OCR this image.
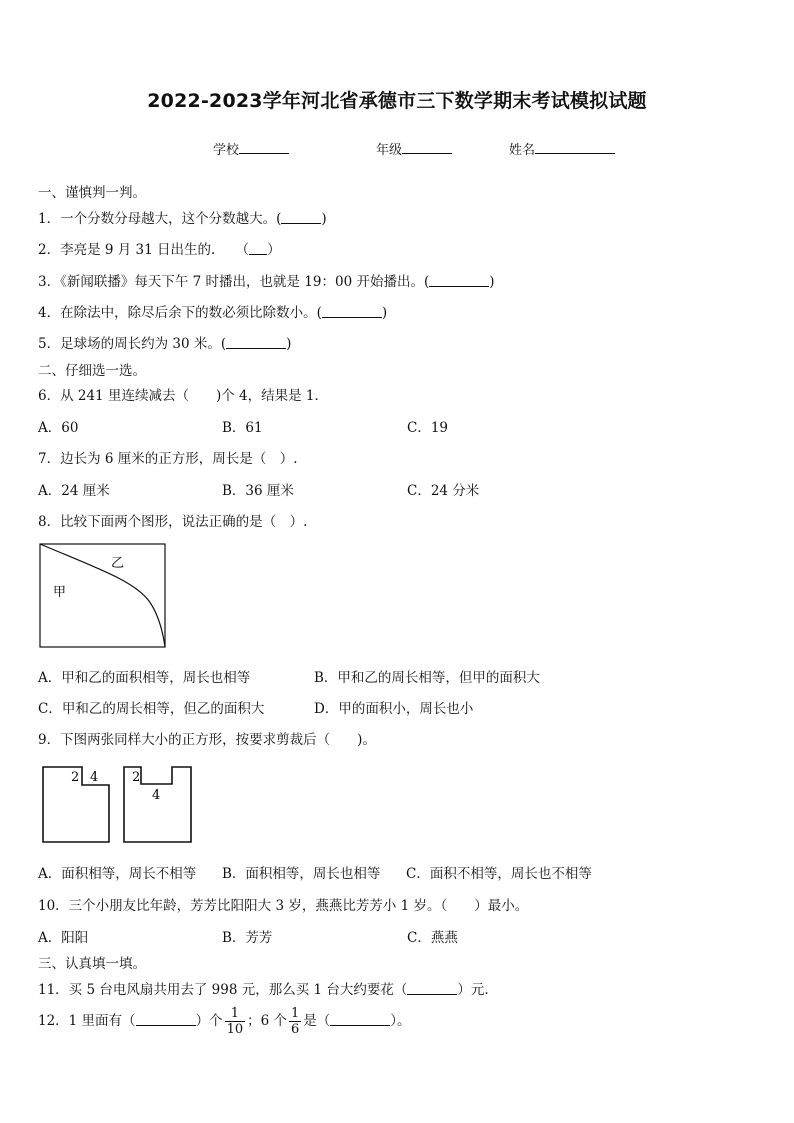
2022-2023学年河北省承德市三下数学期末考试模拟试题
学校	年级	姓名
一、谨慎判一判。
1．一个分数分母越大，这个分数越大。(	)
2．李亮是 9 月 31 日出生的.　　（ ）
3．《新闻联播》每天下午 7 时播出，也就是 19：00 开始播出。(	)
4．在除法中，除尽后余下的数必须比除数小。(	)
5．足球场的周长约为 30 米。(	)
二、仔细选一选。
6．从 241 里连续减去（　　)个 4，结果是 1．
A．60	B．61	C．19
7．边长为 6 厘米的正方形，周长是（　）.
A．24 厘米	B．36 厘米	C．24 分米
8．比较下面两个图形，说法正确的是（　）.
乙
甲
A．甲和乙的面积相等，周长也相等	B．甲和乙的周长相等，但甲的面积大
C．甲和乙的周长相等，但乙的面积大	D．甲的面积小，周长也小
9．下图两张同样大小的正方形，按要求剪裁后（　　)。
2 4	2
4
A．面积相等，周长不相等 B．面积相等，周长也相等 C．面积不相等，周长也不相等
10．三个小朋友比年龄，芳芳比阳阳大 3 岁，燕燕比芳芳小 1 岁。（　　）最小。
A．阳阳	B．芳芳	C．燕燕
三、认真填一填。
11．买 5 台电风扇共用去了 998 元，那么买 1 台大约要花（	）元.
12．1 里面有（	）个 $\frac{1}{10}$ ；6 个 $\frac{1}{6}$ 是（	）。
